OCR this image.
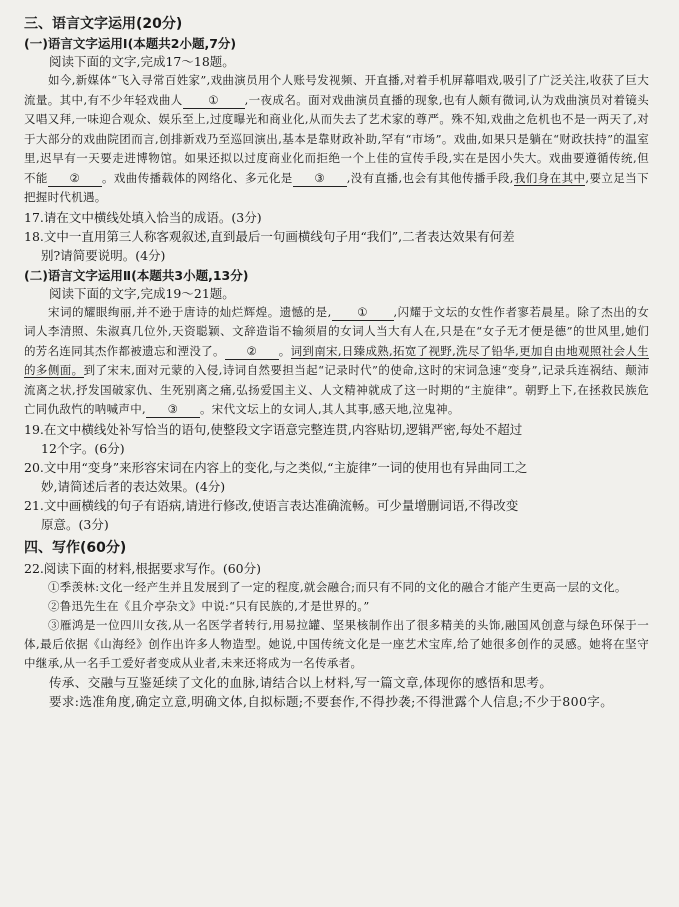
三、语言文字运用(20分)
(一)语言文字运用Ⅰ(本题共2小题,7分)
阅读下面的文字,完成17～18题。
如今,新媒体“飞入寻常百姓家”,戏曲演员用个人账号发视频、开直播,对着手机屏幕唱戏,吸引了广泛关注,收获了巨大流量。其中,有不少年轻戏曲人 ① ,一夜成名。面对戏曲演员直播的现象,也有人颇有微词,认为戏曲演员对着镜头又唱又拜,一味迎合观众、娱乐至上,过度曝光和商业化,从而失去了艺术家的尊严。殊不知,戏曲之危机也不是一两天了,对于大部分的戏曲院团而言,创排新戏乃至巡回演出,基本是靠财政补助,罕有“市场”。戏曲,如果只是躺在“财政扶持”的温室里,迟早有一天要走进博物馆。如果还拟以过度商业化而拒绝一个上佳的宣传手段,实在是因小失大。戏曲要遵循传统,但不能 ② 。戏曲传播载体的网络化、多元化是 ③ ,没有直播,也会有其他传播手段,我们身在其中,要立足当下把握时代机遇。
17.请在文中横线处填入恰当的成语。(3分)
18.文中一直用第三人称客观叙述,直到最后一句画横线句子用“我们”,二者表达效果有何差
别?请简要说明。(4分)
(二)语言文字运用Ⅱ(本题共3小题,13分)
阅读下面的文字,完成19～21题。
宋词的耀眼绚丽,并不逊于唐诗的灿烂辉煌。遗憾的是, ① ,闪耀于文坛的女性作者寥若晨星。除了杰出的女词人李清照、朱淑真几位外,天资聪颖、文辞造诣不输须眉的女词人当大有人在,只是在“女子无才便是德”的世风里,她们的芳名连同其杰作都被遗忘和湮没了。 ② 。词到南宋,日臻成熟,拓宽了视野,洗尽了铅华,更加自由地观照社会人生的多侧面。到了宋末,面对元蒙的入侵,诗词自然要担当起“记录时代”的使命,这时的宋词急速“变身”,记录兵连祸结、颠沛流离之状,抒发国破家仇、生死别离之痛,弘扬爱国主义、人文精神就成了这一时期的“主旋律”。朝野上下,在拯救民族危亡同仇敌忾的呐喊声中, ③ 。宋代文坛上的女词人,其人其事,感天地,泣鬼神。
19.在文中横线处补写恰当的语句,使整段文字语意完整连贯,内容贴切,逻辑严密,每处不超过
12个字。(6分)
20.文中用“变身”来形容宋词在内容上的变化,与之类似,“主旋律”一词的使用也有异曲同工之
妙,请简述后者的表达效果。(4分)
21.文中画横线的句子有语病,请进行修改,使语言表达准确流畅。可少量增删词语,不得改变
原意。(3分)
四、写作(60分)
22.阅读下面的材料,根据要求写作。(60分)
①季羡林:文化一经产生并且发展到了一定的程度,就会融合;而只有不同的文化的融合才能产生更高一层的文化。
②鲁迅先生在《且介亭杂文》中说:“只有民族的,才是世界的。”
③雁鸿是一位四川女孩,从一名医学者转行,用易拉罐、坚果核制作出了很多精美的头饰,融国风创意与绿色环保于一体,最后依据《山海经》创作出许多人物造型。她说,中国传统文化是一座艺术宝库,给了她很多创作的灵感。她将在坚守中继承,从一名手工爱好者变成从业者,未来还将成为一名传承者。
传承、交融与互鉴延续了文化的血脉,请结合以上材料,写一篇文章,体现你的感悟和思考。
要求:选准角度,确定立意,明确文体,自拟标题;不要套作,不得抄袭;不得泄露个人信息;不少于800字。
